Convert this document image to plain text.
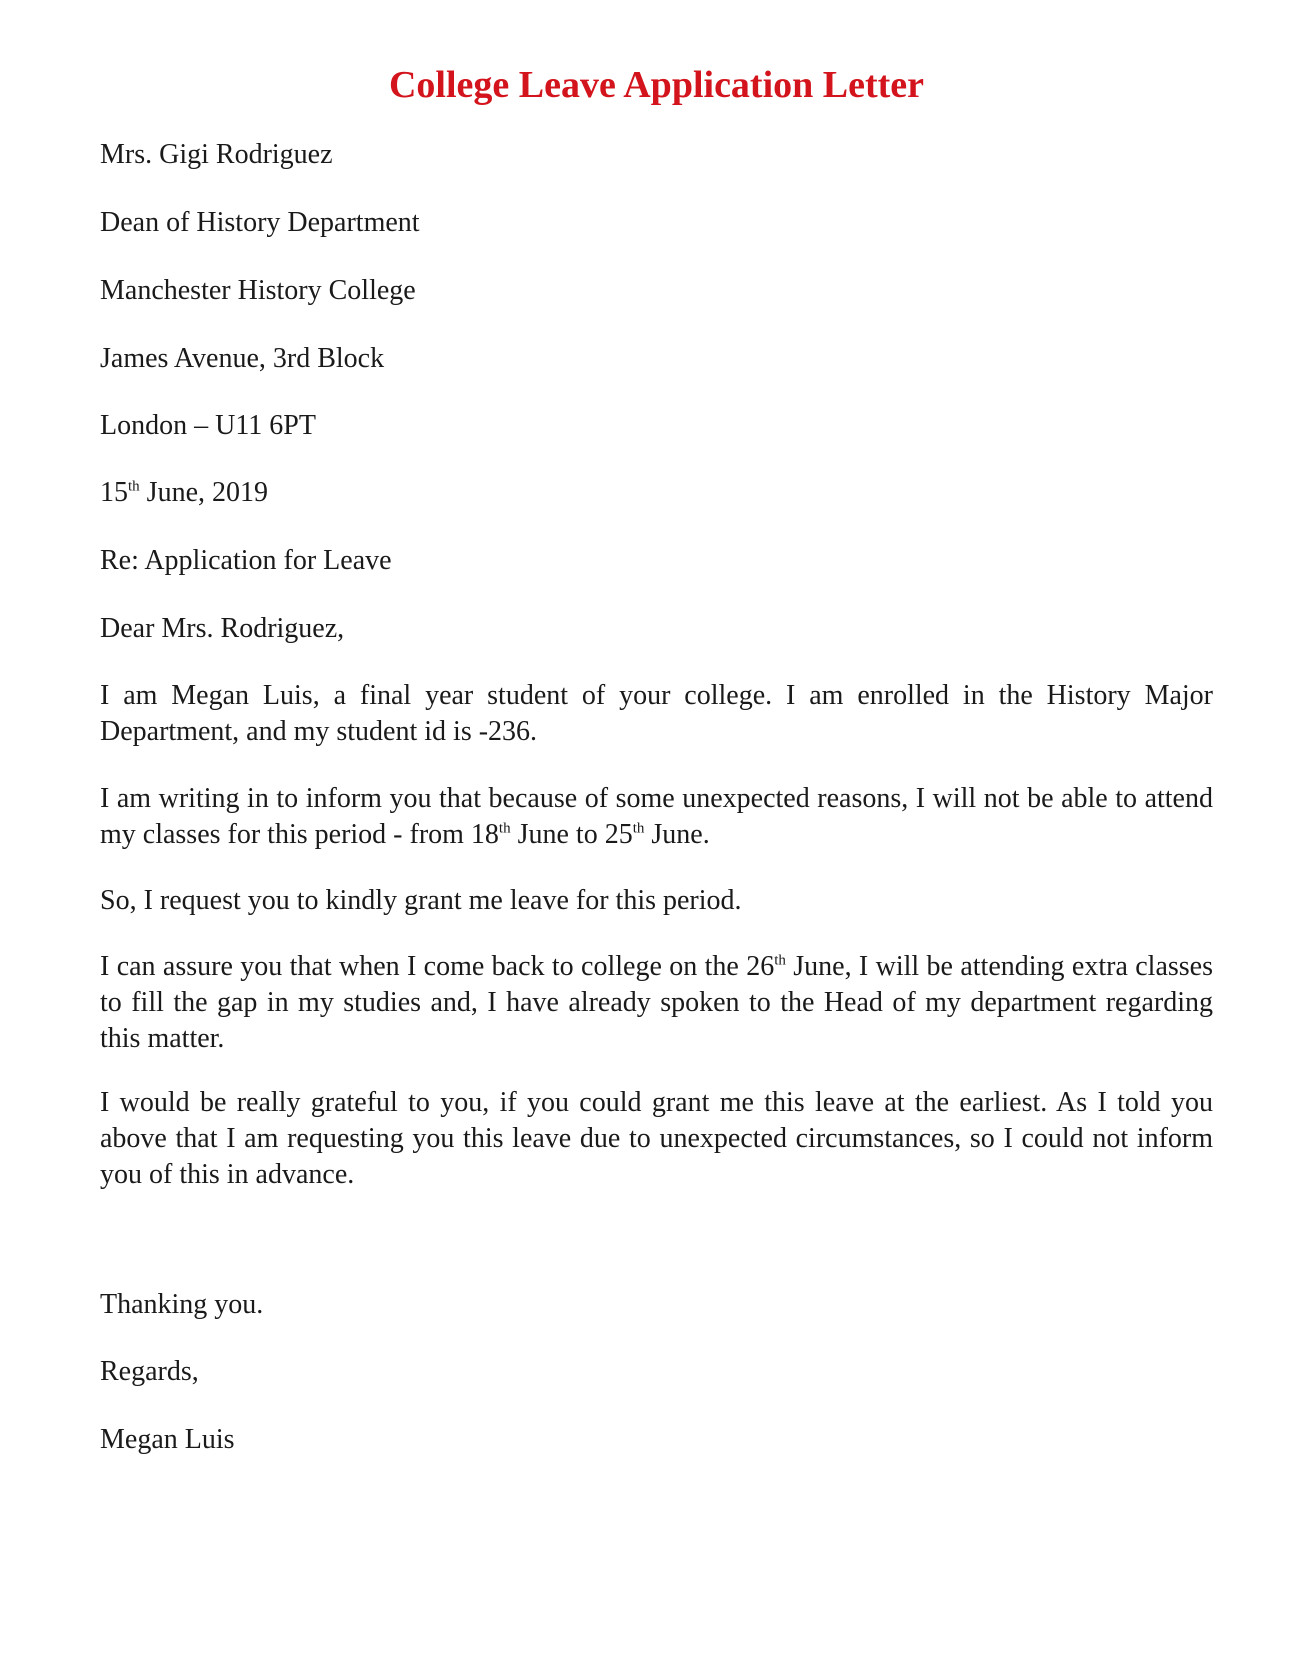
College Leave Application Letter

Mrs. Gigi Rodriguez

Dean of History Department

Manchester History College

James Avenue, 3rd Block

London – U11 6PT

15th June, 2019

Re: Application for Leave

Dear Mrs. Rodriguez,

I am Megan Luis, a final year student of your college. I am enrolled in the History Major Department, and my student id is -236.

I am writing in to inform you that because of some unexpected reasons, I will not be able to attend my classes for this period - from 18th June to 25th June.

So, I request you to kindly grant me leave for this period.

I can assure you that when I come back to college on the 26th June, I will be attending extra classes to fill the gap in my studies and, I have already spoken to the Head of my department regarding this matter.

I would be really grateful to you, if you could grant me this leave at the earliest. As I told you above that I am requesting you this leave due to unexpected circumstances, so I could not inform you of this in advance.

Thanking you.

Regards,

Megan Luis
